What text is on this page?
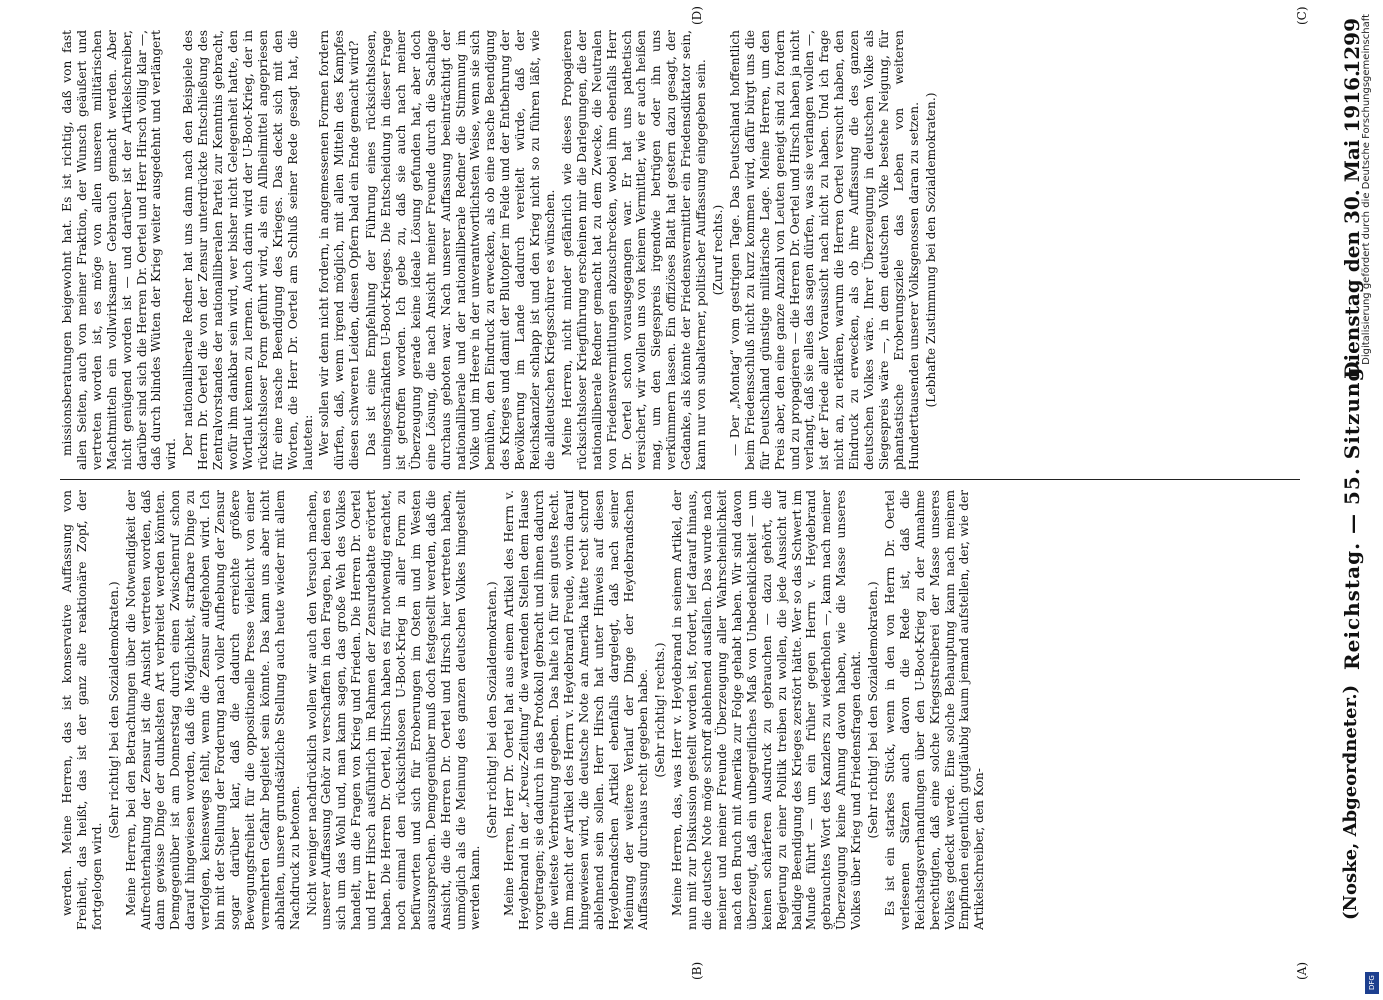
(Noske, Abgeordneter.)
Reichstag. — 55. Sitzung.
Dienstag den 30. Mai 1916.
1299

werden. Meine Herren, das ist konservative Auffassung von Freiheit, das heißt, das ist der ganz alte reaktionäre Zopf, der fortgelogen wird.

(Sehr richtig! bei den Sozialdemokraten.) Meine Herren, bei den Betrachtungen über die Notwendigkeit der Aufrechterhaltung der Zensur ist die Ansicht vertreten worden, daß dann gewisse Dinge der dunkelsten Art verbreitet werden könnten. Demgegenüber ist am Donnerstag durch einen Zwischenruf schon darauf hingewiesen worden, daß die Möglichkeit, strafbare Dinge zu verfolgen, keineswegs fehlt, wenn die Zensur aufgehoben wird. Ich bin mit der Stellung der Forderung nach voller Aufhebung der Zensur sogar darüber klar, daß die dadurch erreichte größere Bewegungsfreiheit für die oppositionelle Presse vielleicht von einer vermehrten Gefahr begleitet sein könnte. Das kann uns aber nicht abhalten, unsere grundsätzliche Stellung auch heute wieder mit allem Nachdruck zu betonen. Nicht weniger nachdrücklich wollen wir auch den Versuch machen, unserer Auffassung Gehör zu verschaffen in den Fragen, bei denen es sich um das Wohl und, man kann sagen, das große Weh des Volkes handelt, um die Fragen von Krieg und Frieden. Die Herren Dr. Oertel und Herr Hirsch ausführlich im Rahmen der Zensurdebatte erörtert haben. Die Herren Dr. Oertel, Hirsch haben es für notwendig erachtet, noch einmal den rücksichtslosen U-Boot-Krieg in aller Form zu befürworten und sich für Eroberungen im Osten und im Westen auszusprechen. Demgegenüber muß doch festgestellt werden, daß die Ansicht, die die Herren Dr. Oertel und Hirsch hier vertreten haben, unmöglich als die Meinung des ganzen deutschen Volkes hingestellt werden kann.

(Sehr richtig! bei den Sozialdemokraten.) Meine Herren, Herr Dr. Oertel hat aus einem Artikel des Herrn v. Heydebrand in der „Kreuz-Zeitung“ die wartenden Stellen dem Hause vorgetragen; sie dadurch in das Protokoll gebracht und ihnen dadurch die weiteste Verbreitung gegeben. Das halte ich für sein gutes Recht. Ihm macht der Artikel des Herrn v. Heydebrand Freude, worin darauf hingewiesen wird, die deutsche Note an Amerika hätte recht schroff ablehnend sein sollen. Herr Hirsch hat unter Hinweis auf diesen Heydebrandschen Artikel ebenfalls dargelegt, daß nach seiner Meinung der weitere Verlauf der Dinge der Heydebrandschen Auffassung durchaus recht gegeben habe. (Sehr richtig! rechts.) Meine Herren, das, was Herr v. Heydebrand in seinem Artikel, der nun mit zur Diskussion gestellt worden ist, fordert, lief darauf hinaus, die deutsche Note möge schroff ablehnend ausfallen. Das wurde nach meiner und meiner Freunde Überzeugung aller Wahrscheinlichkeit nach den Bruch mit Amerika zur Folge gehabt haben. Wir sind davon überzeugt, daß ein unbegreifliches Maß von Unbedenklichkeit — um keinen schärferen Ausdruck zu gebrauchen — dazu gehört, die Regierung zu einer Politik treiben zu wollen, die jede Aussicht auf baldige Beendigung des Krieges zerstört hätte. Wer so das Schwert im Munde führt — um ein früher gegen Herrn v. Heydebrand gebrauchtes Wort des Kanzlers zu wiederholen —, kann nach meiner Überzeugung keine Ahnung davon haben, wie die Masse unseres Volkes über Krieg und Friedensfragen denkt. (Sehr richtig! bei den Sozialdemokraten.) Es ist ein starkes Stück, wenn in den von Herrn Dr. Oertel verlesenen Sätzen auch davon die Rede ist, daß die Reichstagsverhandlungen über den U-Boot-Krieg zu der Annahme berechtigten, daß eine solche Kriegsstreiberei der Masse unseres Volkes gedeckt werde. Eine solche Behauptung kann nach meinem Empfinden eigentlich gutgläubig kaum jemand aufstellen, der, wie der Artikelschreiber, den Kon-

missionsberatungen beigewohnt hat. Es ist richtig, daß von fast allen Seiten, auch von meiner Fraktion, der Wunsch geäußert und vertreten worden ist, es möge von allen unseren militärischen Machtmitteln ein vollwirksamer Gebrauch gemacht werden. Aber nicht genügend worden ist — und darüber ist der Artikelschreiber, darüber sind sich die Herren Dr. Oertel und Herr Hirsch völlig klar —, daß durch blindes Wüten der Krieg weiter ausgedehnt und verlängert wird. Der nationalliberale Redner hat uns dann nach den Beispiele des Herrn Dr. Oertel die von der Zensur unterdrückte Entschließung des Zentralvorstandes der nationalliberalen Partei zur Kenntnis gebracht, wofür ihm dankbar sein wird, wer bisher nicht Gelegenheit hatte, den Wortlaut kennen zu lernen. Auch darin wird der U-Boot-Krieg, der in rücksichtsloser Form geführt wird, als ein Allheilmittel angepriesen für eine rasche Beendigung des Krieges. Das deckt sich mit den Worten, die Herr Dr. Oertel am Schluß seiner Rede gesagt hat, die lauteten: Wer sollen wir denn nicht fordern, in angemessenen Formen fordern dürfen, daß, wenn irgend möglich, mit allen Mitteln des Kampfes diesen schweren Leiden, diesen Opfern bald ein Ende gemacht wird? Das ist eine Empfehlung der Führung eines rücksichtslosen, uneingeschränkten U-Boot-Krieges. Die Entscheidung in dieser Frage ist getroffen worden. Ich gebe zu, daß sie auch nach meiner Überzeugung gerade keine ideale Lösung gefunden hat, aber doch eine Lösung, die nach Ansicht meiner Freunde durch die Sachlage durchaus geboten war. Nach unserer Auffassung beeinträchtigt der nationalliberale und der nationalliberale Redner die Stimmung im Volke und im Heere in der unverantwortlichsten Weise, wenn sie sich bemühen, den Eindruck zu erwecken, als ob eine rasche Beendigung des Krieges und damit der Blutopfer im Felde und der Entbehrung der Bevölkerung im Lande dadurch vereitelt würde, daß der Reichskanzler schlapp ist und den Krieg nicht so zu führen läßt, wie die alldeutschen Kriegsschürer es wünschen. Meine Herren, nicht minder gefährlich wie dieses Propagieren rücksichtsloser Kriegführung erscheinen mir die Darlegungen, die der nationalliberale Redner gemacht hat zu dem Zwecke, die Neutralen von Friedensvermittlungen abzuschrecken, wobei ihm ebenfalls Herr Dr. Oertel schon vorausgegangen war. Er hat uns pathetisch versichert, wir wollen uns von keinem Vermittler, wie er auch heißen mag, um den Siegespreis irgendwie betrügen oder ihn uns verkümmern lassen. Ein offiziöses Blatt hat gestern dazu gesagt, der Gedanke, als könnte der Friedensvermittler ein Friedensdiktator sein, kann nur von subalterner, politischer Auffassung eingegeben sein. (Zuruf rechts.) — Der „Montag“ vom gestrigen Tage. Das Deutschland hoffentlich beim Friedensschluß nicht zu kurz kommen wird, dafür bürgt uns die für Deutschland günstige militärische Lage. Meine Herren, um den Preis aber, den eine ganze Anzahl von Leuten geneigt sind zu fordern und zu propagieren — die Herren Dr. Oertel und Hirsch haben ja nicht verlangt, daß sie alles das sagen dürfen, was sie verlangen wollen —, ist der Friede aller Voraussicht nach nicht zu haben. Und ich frage nicht an, zu erklären, warum die Herren Oertel versucht haben, den Eindruck zu erwecken, als ob ihre Auffassung die des ganzen deutschen Volkes wäre. Ihrer Überzeugung in deutschen Volke als Siegespreis wäre —, in dem deutschen Volke bestehe Neigung, für phantastische Eroberungsziele das Leben von weiteren Hunderttausenden unserer Volksgenossen daran zu setzen. (Lebhafte Zustimmung bei den Sozialdemokraten.)

(A)
(B)
(C)
(D)	Digitalisierung gefördert durch die Deutsche Forschungsgemeinschaft
DFG
